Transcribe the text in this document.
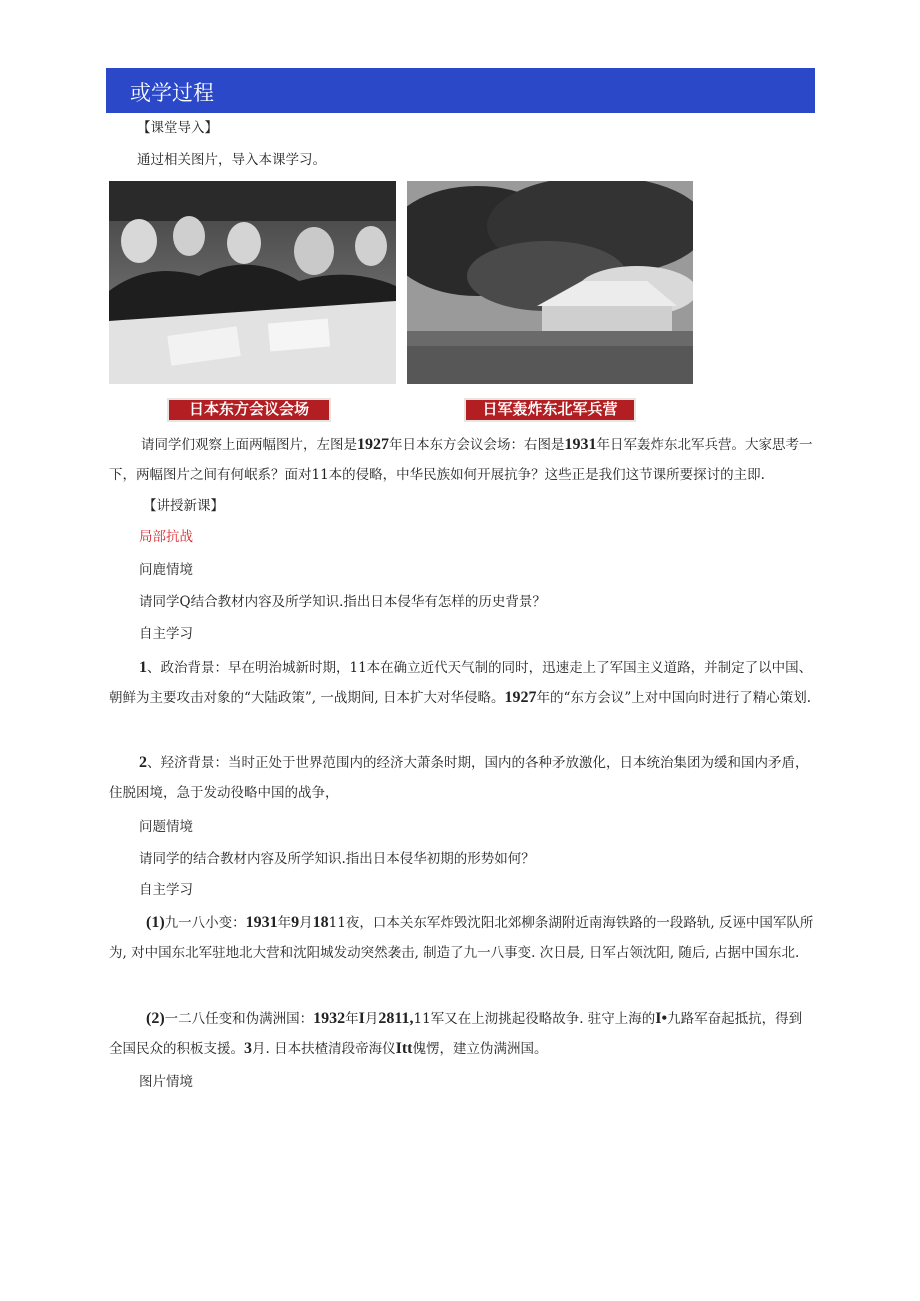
或学过程
【课堂导入】
通过相关图片，导入本课学习。
日本东方会议会场	日军轰炸东北军兵营
请同学们观察上面两幅图片，左图是1927年日本东方会议会场：右图是1931年日军轰炸东北军兵营。大家思考一下，两幅图片之间有何岷系？面对11本的侵略，中华民族如何开展抗争？这些正是我们这节课所要探讨的主即.
【讲授新课】
局部抗战
问鹿情境
请同学Q结合教材内容及所学知识.指出日本侵华有怎样的历史背景？
自主学习
1、政治背景：早在明治城新时期，11本在确立近代天气制的同时，迅速走上了军国主义道路，并制定了以中国、朝鲜为主要攻击对象的“大陆政策”, 一战期间, 日本扩大对华侵略。1927年的“东方会议”上对中国向时进行了精心策划.
2、羟济背景：当时正处于世界范围内的经济大萧条时期，国内的各种矛放激化，日本统治集团为缓和国内矛盾，住脱困境，急于发动役略中国的战争，
问题情境
请同学的结合教材内容及所学知识.指出日本侵华初期的形势如何？
自主学习
(1)九一八小变：1931年9月1811夜，口本关东军炸毁沈阳北郊柳条湖附近南海铁路的一段路轨, 反诬中国军队所为, 对中国东北军驻地北大营和沈阳城发动突然袭击, 制造了九一八事变. 次日晨, 日军占领沈阳, 随后, 占据中国东北.
(2)一二八任变和伪满洲国：1932年I月2811,11军又在上沏挑起役略故争. 驻守上海的I•九路军奋起抵抗，得到全国民众的积板支援。3月. 日本扶楂清段帝海仪Itt傀愣，建立伪满洲国。
图片情境
